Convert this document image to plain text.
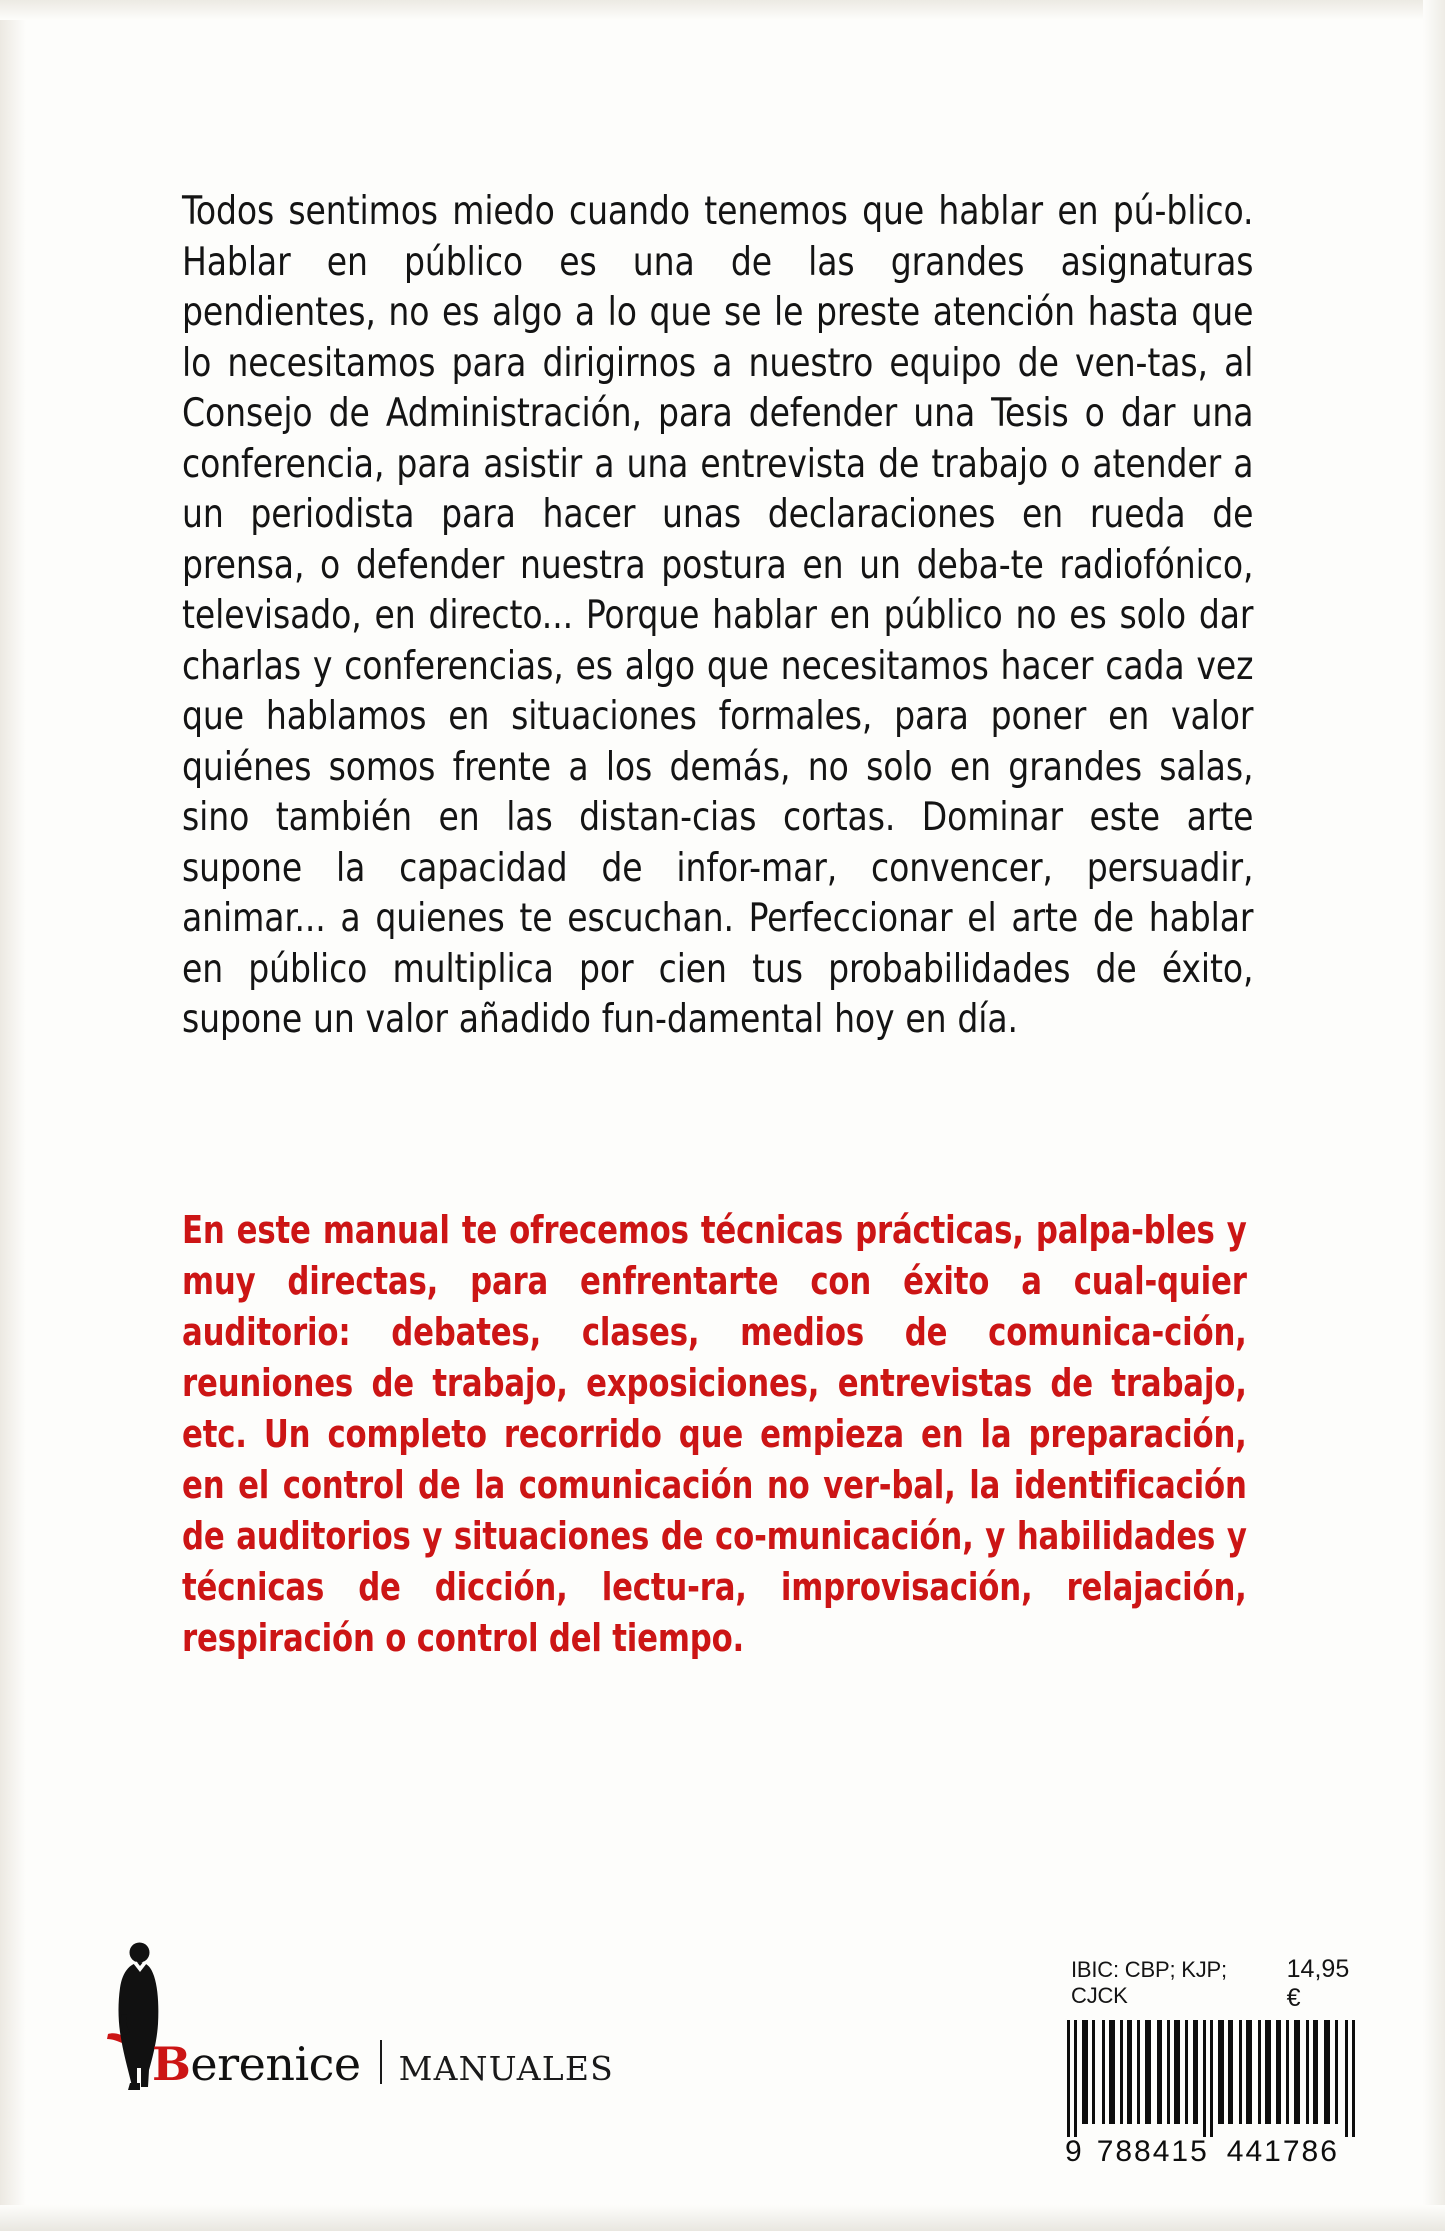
Todos sentimos miedo cuando tenemos que hablar en pú-blico. Hablar en público es una de las grandes asignaturas pendientes, no es algo a lo que se le preste atención hasta que lo necesitamos para dirigirnos a nuestro equipo de ven-tas, al Consejo de Administración, para defender una Tesis o dar una conferencia, para asistir a una entrevista de trabajo o atender a un periodista para hacer unas declaraciones en rueda de prensa, o defender nuestra postura en un deba-te radiofónico, televisado, en directo... Porque hablar en público no es solo dar charlas y conferencias, es algo que necesitamos hacer cada vez que hablamos en situaciones formales, para poner en valor quiénes somos frente a los demás, no solo en grandes salas, sino también en las distan-cias cortas. Dominar este arte supone la capacidad de infor-mar, convencer, persuadir, animar... a quienes te escuchan. Perfeccionar el arte de hablar en público multiplica por cien tus probabilidades de éxito, supone un valor añadido fun-damental hoy en día.

En este manual te ofrecemos técnicas prácticas, palpa-bles y muy directas, para enfrentarte con éxito a cual-quier auditorio: debates, clases, medios de comunica-ción, reuniones de trabajo, exposiciones, entrevistas de trabajo, etc. Un completo recorrido que empieza en la preparación, en el control de la comunicación no ver-bal, la identificación de auditorios y situaciones de co-municación, y habilidades y técnicas de dicción, lectu-ra, improvisación, relajación, respiración o control del tiempo.

Berenice MANUALES
IBIC: CBP; KJP; CJCK
14,95 €
9 788415 441786
